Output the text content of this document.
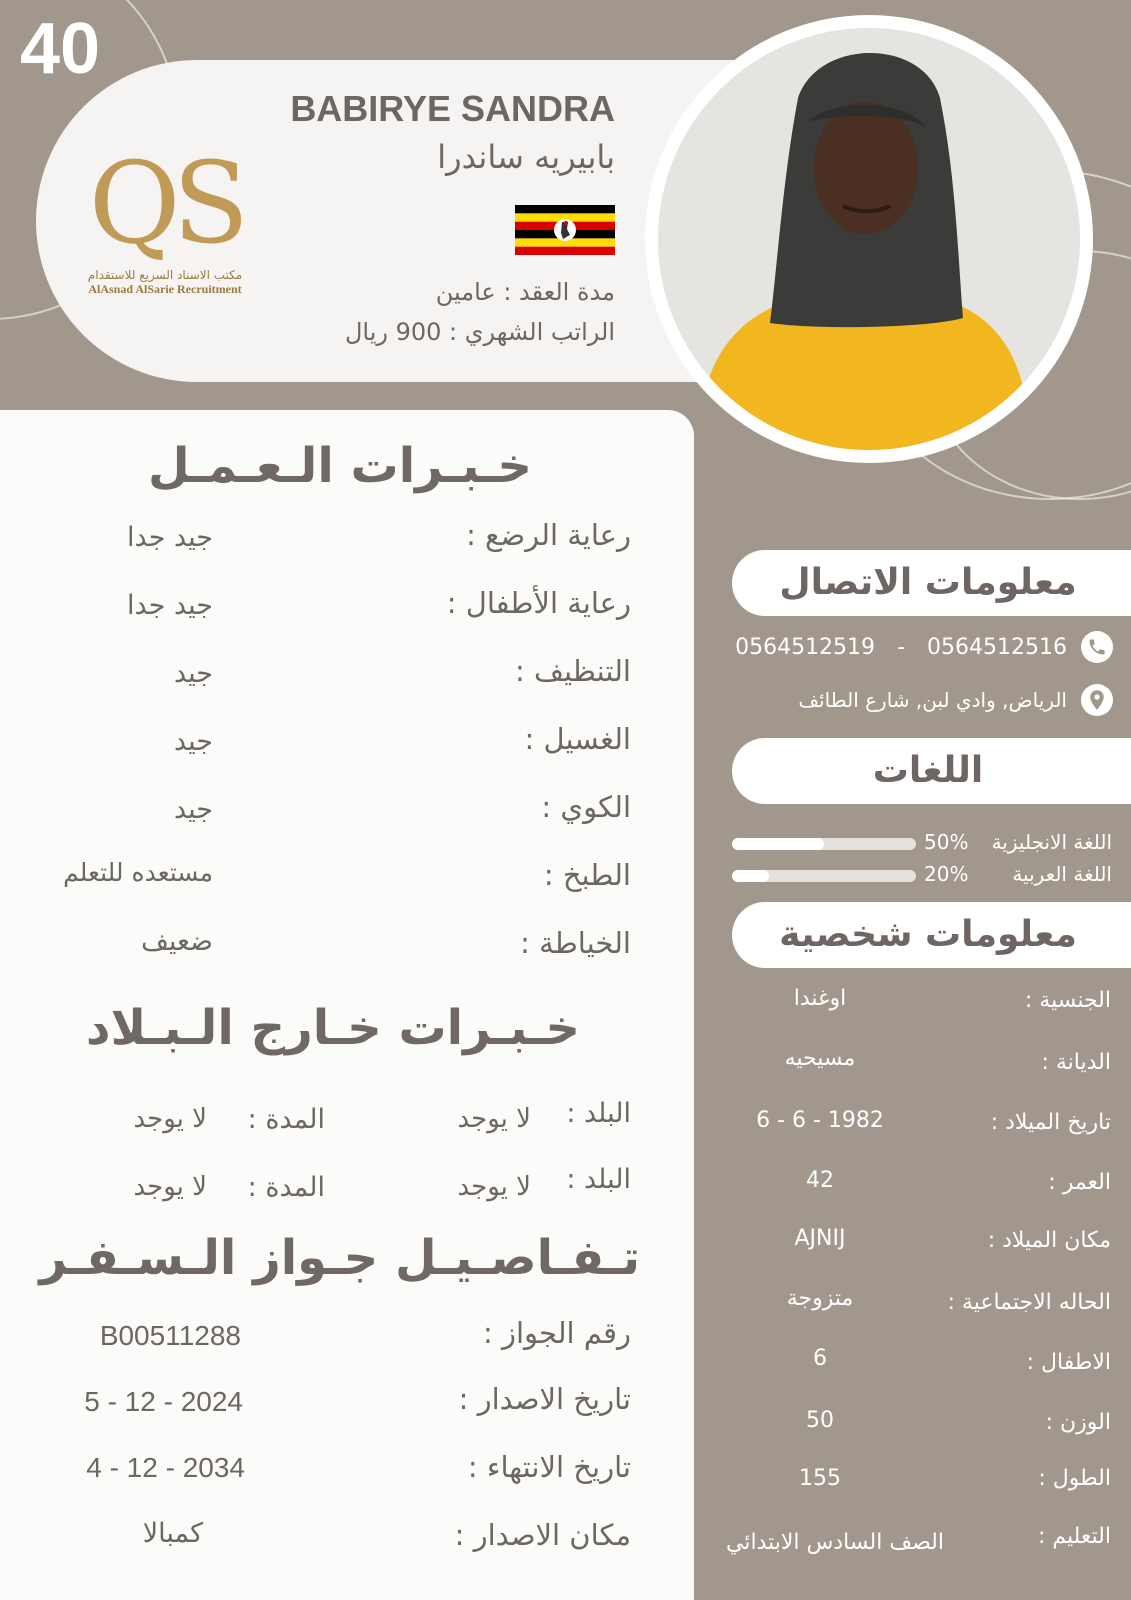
40
QS
مكتب الاسناد السريع للاستقدام
AlAsnad AlSarie Recruitment
BABIRYE SANDRA
بابيريه ساندرا
مدة العقد : عامين
الراتب الشهري : 900 ريال
خـبـرات الـعـمـل
رعاية الرضع :
جيد جدا
رعاية الأطفال :
جيد جدا
التنظيف :
جيد
الغسيل :
جيد
الكوي :
جيد
الطبخ :
مستعده للتعلم
الخياطة :
ضعيف
خـبـرات خـارج الـبـلاد
البلد :
لا يوجد
المدة :
لا يوجد
البلد :
لا يوجد
المدة :
لا يوجد
تـفـاصـيـل جـواز الـسـفـر
رقم الجواز :
B00511288
تاريخ الاصدار :
5 - 12 - 2024
تاريخ الانتهاء :
4 - 12 - 2034
مكان الاصدار :
كمبالا
معلومات الاتصال
0564512519 - 0564512516
الرياض, وادي لبن, شارع الطائف
اللغات
50% اللغة الانجليزية
20% اللغة العربية
معلومات شخصية
الجنسية :
اوغندا
الديانة :
مسيحيه
تاريخ الميلاد :
6 - 6 - 1982
العمر :
42
مكان الميلاد :
AJNIJ
الحاله الاجتماعية :
متزوجة
الاطفال :
6
الوزن :
50
الطول :
155
التعليم :
الصف السادس الابتدائي
